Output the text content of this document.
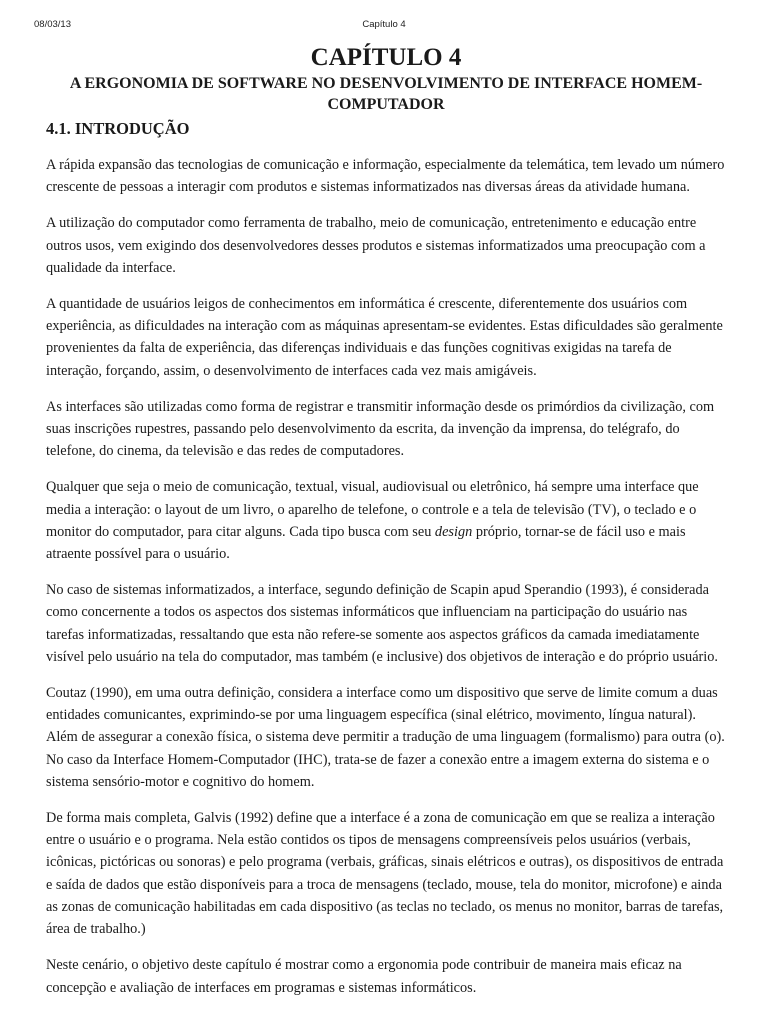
08/03/13	Capítulo 4
CAPÍTULO 4
A ERGONOMIA DE SOFTWARE NO DESENVOLVIMENTO DE INTERFACE HOMEM-
COMPUTADOR
4.1. INTRODUÇÃO

A rápida expansão das tecnologias de comunicação e informação, especialmente da telemática, tem levado um número crescente de pessoas a interagir com produtos e sistemas informatizados nas diversas áreas da atividade humana.

A utilização do computador como ferramenta de trabalho, meio de comunicação, entretenimento e educação entre outros usos, vem exigindo dos desenvolvedores desses produtos e sistemas informatizados uma preocupação com a qualidade da interface.

A quantidade de usuários leigos de conhecimentos em informática é crescente, diferentemente dos usuários com experiência, as dificuldades na interação com as máquinas apresentam-se evidentes. Estas dificuldades são geralmente provenientes da falta de experiência, das diferenças individuais e das funções cognitivas exigidas na tarefa de interação, forçando, assim, o desenvolvimento de interfaces cada vez mais amigáveis.

As interfaces são utilizadas como forma de registrar e transmitir informação desde os primórdios da civilização, com suas inscrições rupestres, passando pelo desenvolvimento da escrita, da invenção da imprensa, do telégrafo, do telefone, do cinema, da televisão e das redes de computadores.

Qualquer que seja o meio de comunicação, textual, visual, audiovisual ou eletrônico, há sempre uma interface que media a interação: o layout de um livro, o aparelho de telefone, o controle e a tela de televisão (TV), o teclado e o monitor do computador, para citar alguns. Cada tipo busca com seu design próprio, tornar-se de fácil uso e mais atraente possível para o usuário.

No caso de sistemas informatizados, a interface, segundo definição de Scapin apud Sperandio (1993), é considerada como concernente a todos os aspectos dos sistemas informáticos que influenciam na participação do usuário nas tarefas informatizadas, ressaltando que esta não refere-se somente aos aspectos gráficos da camada imediatamente visível pelo usuário na tela do computador, mas também (e inclusive) dos objetivos de interação e do próprio usuário.

Coutaz (1990), em uma outra definição, considera a interface como um dispositivo que serve de limite comum a duas entidades comunicantes, exprimindo-se por uma linguagem específica (sinal elétrico, movimento, língua natural). Além de assegurar a conexão física, o sistema deve permitir a tradução de uma linguagem (formalismo) para outra (o). No caso da Interface Homem-Computador (IHC), trata-se de fazer a conexão entre a imagem externa do sistema e o sistema sensório-motor e cognitivo do homem.

De forma mais completa, Galvis (1992) define que a interface é a zona de comunicação em que se realiza a interação entre o usuário e o programa. Nela estão contidos os tipos de mensagens compreensíveis pelos usuários (verbais, icônicas, pictóricas ou sonoras) e pelo programa (verbais, gráficas, sinais elétricos e outras), os dispositivos de entrada e saída de dados que estão disponíveis para a troca de mensagens (teclado, mouse, tela do monitor, microfone) e ainda as zonas de comunicação habilitadas em cada dispositivo (as teclas no teclado, os menus no monitor, barras de tarefas, área de trabalho.)

Neste cenário, o objetivo deste capítulo é mostrar como a ergonomia pode contribuir de maneira mais eficaz na concepção e avaliação de interfaces em programas e sistemas informáticos.
